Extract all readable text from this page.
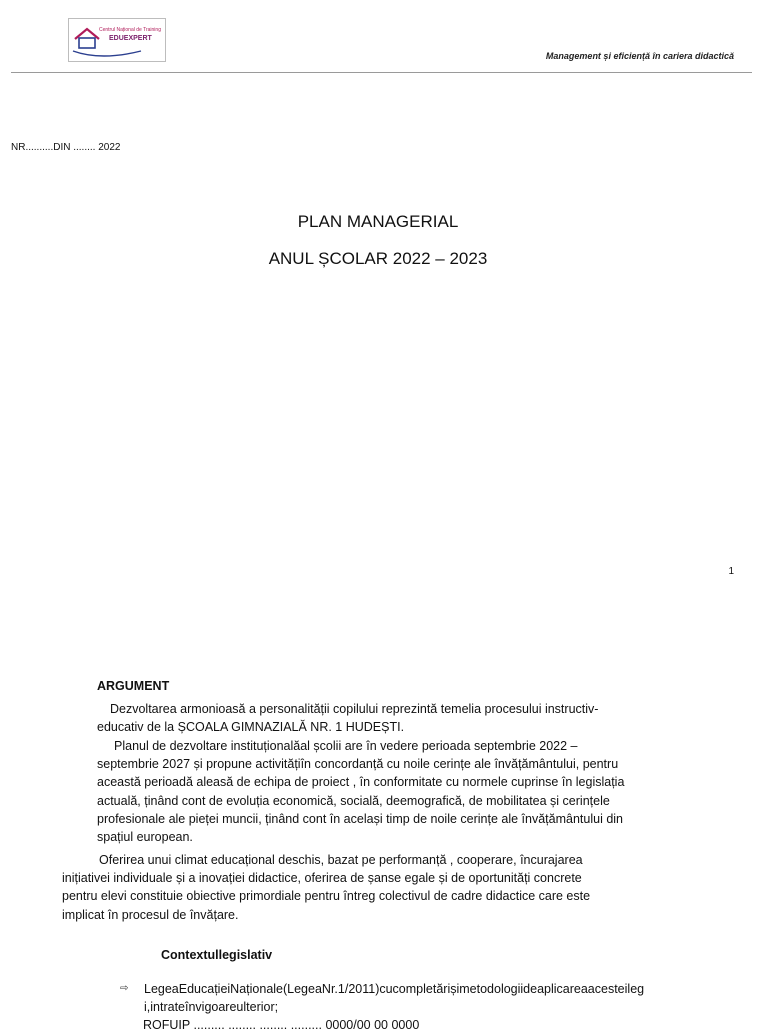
Centrul Național de Training
EDUEXPERT
Management și eficiență în cariera didactică
NR..........DIN ........ 2022
PLAN MANAGERIAL
ANUL ȘCOLAR 2022 – 2023
1
ARGUMENT
Dezvoltarea armonioasă a personalității copilului reprezintă temelia procesului instructiv-
educativ de la ȘCOALA GIMNAZIALĂ NR. 1 HUDEȘTI.
Planul de dezvoltare instituționalăal școlii are în vedere perioada septembrie 2022 –
septembrie 2027 și propune activitățiîn concordanță cu noile cerințe ale învățământului, pentru
această perioadă aleasă de echipa de proiect , în conformitate cu normele cuprinse în legislația
actuală, ținând cont de evoluția economică, socială, deemografică, de mobilitatea și cerințele
profesionale ale pieței muncii, ținând cont în același timp de noile cerințe ale învățământului din
spațiul european.
Oferirea unui climat educațional deschis, bazat pe performanță , cooperare, încurajarea
inițiativei individuale și a inovației didactice, oferirea de șanse egale și de oportunități concrete
pentru elevi constituie obiective primordiale pentru întreg colectivul de cadre didactice care este
implicat în procesul de învățare.
Contextullegislativ
⇨ LegeaEducațieiNaționale(LegeaNr.1/2011)cucompletărișimetodologiideaplicareaacesteileg
i,intrateînvigoareulterior;
ROFUIP ......... ........ ........ ......... 0000/00 00 0000
